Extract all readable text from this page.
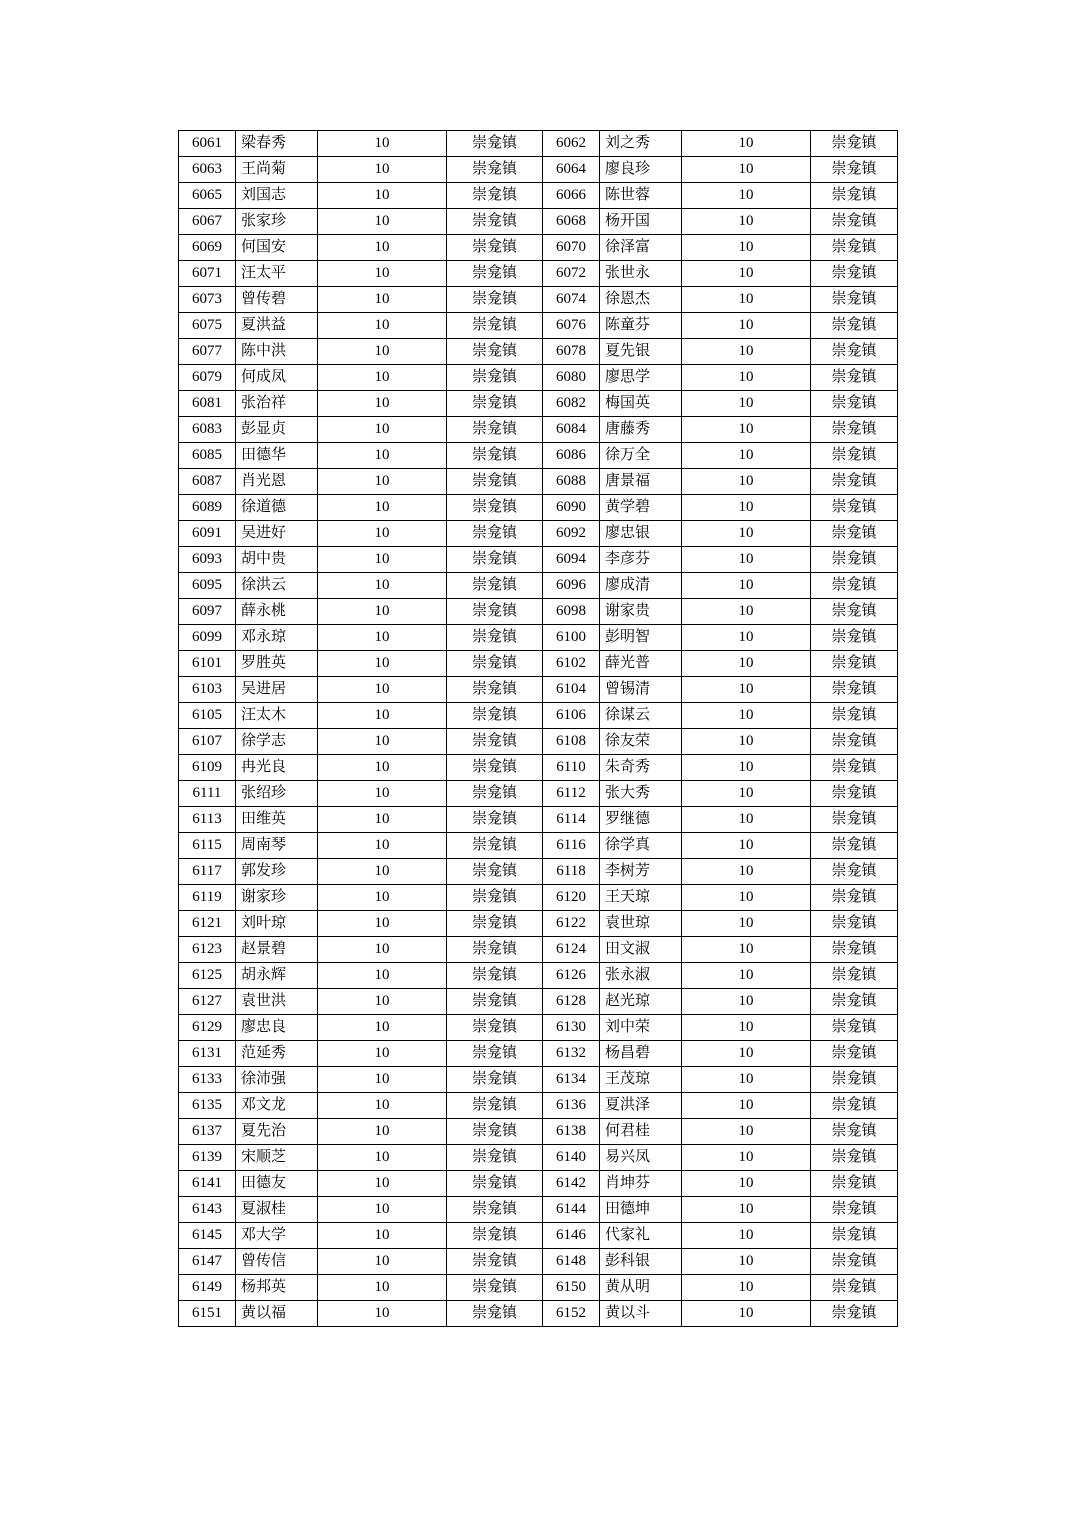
6061	梁春秀	10	崇龛镇	6062	刘之秀	10	崇龛镇
6063	王尚菊	10	崇龛镇	6064	廖良珍	10	崇龛镇
6065	刘国志	10	崇龛镇	6066	陈世蓉	10	崇龛镇
6067	张家珍	10	崇龛镇	6068	杨开国	10	崇龛镇
6069	何国安	10	崇龛镇	6070	徐泽富	10	崇龛镇
6071	汪太平	10	崇龛镇	6072	张世永	10	崇龛镇
6073	曾传碧	10	崇龛镇	6074	徐恩杰	10	崇龛镇
6075	夏洪益	10	崇龛镇	6076	陈童芬	10	崇龛镇
6077	陈中洪	10	崇龛镇	6078	夏先银	10	崇龛镇
6079	何成凤	10	崇龛镇	6080	廖思学	10	崇龛镇
6081	张治祥	10	崇龛镇	6082	梅国英	10	崇龛镇
6083	彭显贞	10	崇龛镇	6084	唐藤秀	10	崇龛镇
6085	田德华	10	崇龛镇	6086	徐万全	10	崇龛镇
6087	肖光恩	10	崇龛镇	6088	唐景福	10	崇龛镇
6089	徐道德	10	崇龛镇	6090	黄学碧	10	崇龛镇
6091	吴进好	10	崇龛镇	6092	廖忠银	10	崇龛镇
6093	胡中贵	10	崇龛镇	6094	李彦芬	10	崇龛镇
6095	徐洪云	10	崇龛镇	6096	廖成清	10	崇龛镇
6097	薛永桃	10	崇龛镇	6098	谢家贵	10	崇龛镇
6099	邓永琼	10	崇龛镇	6100	彭明智	10	崇龛镇
6101	罗胜英	10	崇龛镇	6102	薛光普	10	崇龛镇
6103	吴进居	10	崇龛镇	6104	曾锡清	10	崇龛镇
6105	汪太木	10	崇龛镇	6106	徐谋云	10	崇龛镇
6107	徐学志	10	崇龛镇	6108	徐友荣	10	崇龛镇
6109	冉光良	10	崇龛镇	6110	朱奇秀	10	崇龛镇
6111	张绍珍	10	崇龛镇	6112	张大秀	10	崇龛镇
6113	田维英	10	崇龛镇	6114	罗继德	10	崇龛镇
6115	周南琴	10	崇龛镇	6116	徐学真	10	崇龛镇
6117	郭发珍	10	崇龛镇	6118	李树芳	10	崇龛镇
6119	谢家珍	10	崇龛镇	6120	王天琼	10	崇龛镇
6121	刘叶琼	10	崇龛镇	6122	袁世琼	10	崇龛镇
6123	赵景碧	10	崇龛镇	6124	田文淑	10	崇龛镇
6125	胡永辉	10	崇龛镇	6126	张永淑	10	崇龛镇
6127	袁世洪	10	崇龛镇	6128	赵光琼	10	崇龛镇
6129	廖忠良	10	崇龛镇	6130	刘中荣	10	崇龛镇
6131	范延秀	10	崇龛镇	6132	杨昌碧	10	崇龛镇
6133	徐沛强	10	崇龛镇	6134	王茂琼	10	崇龛镇
6135	邓文龙	10	崇龛镇	6136	夏洪泽	10	崇龛镇
6137	夏先治	10	崇龛镇	6138	何君桂	10	崇龛镇
6139	宋顺芝	10	崇龛镇	6140	易兴凤	10	崇龛镇
6141	田德友	10	崇龛镇	6142	肖坤芬	10	崇龛镇
6143	夏淑桂	10	崇龛镇	6144	田德坤	10	崇龛镇
6145	邓大学	10	崇龛镇	6146	代家礼	10	崇龛镇
6147	曾传信	10	崇龛镇	6148	彭科银	10	崇龛镇
6149	杨邦英	10	崇龛镇	6150	黄从明	10	崇龛镇
6151	黄以福	10	崇龛镇	6152	黄以斗	10	崇龛镇
